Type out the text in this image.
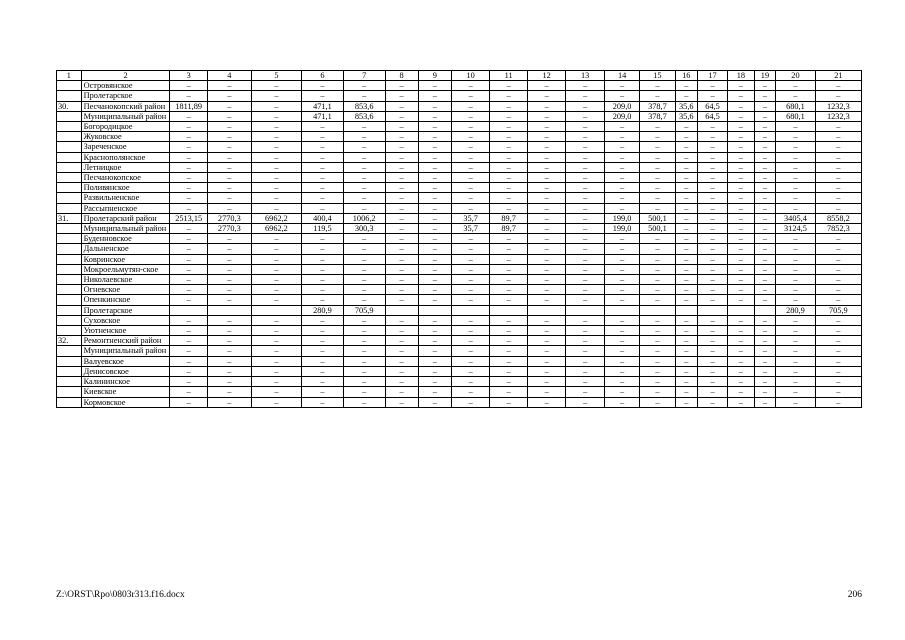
1	2	3	4	5	6	7	8	9	10	11	12	13	14	15	16	17	18	19	20	21
	Островянское	–	–	–	–	–	–	–	–	–	–	–	–	–	–	–	–	–	–	–
	Пролетарское	–	–	–	–	–	–	–	–	–	–	–	–	–	–	–	–	–	–	–
30.	Песчанокопский район	1811,89	–	–	471,1	853,6	–	–	–	–	–	–	209,0	378,7	35,6	64,5	–	–	680,1	1232,3
	Муниципальный район	–	–	–	471,1	853,6	–	–	–	–	–	–	209,0	378,7	35,6	64,5	–	–	680,1	1232,3
	Богородицкое	–	–	–	–	–	–	–	–	–	–	–	–	–	–	–	–	–	–	–
	Жуковское	–	–	–	–	–	–	–	–	–	–	–	–	–	–	–	–	–	–	–
	Зареченское	–	–	–	–	–	–	–	–	–	–	–	–	–	–	–	–	–	–	–
	Краснополянское	–	–	–	–	–	–	–	–	–	–	–	–	–	–	–	–	–	–	–
	Летницкое	–	–	–	–	–	–	–	–	–	–	–	–	–	–	–	–	–	–	–
	Песчанокопское	–	–	–	–	–	–	–	–	–	–	–	–	–	–	–	–	–	–	–
	Поливянское	–	–	–	–	–	–	–	–	–	–	–	–	–	–	–	–	–	–	–
	Развильненское	–	–	–	–	–	–	–	–	–	–	–	–	–	–	–	–	–	–	–
	Рассыпненское	–	–	–	–	–	–	–	–	–	–	–	–	–	–	–	–	–	–	–
31.	Пролетарский район	2513,15	2770,3	6962,2	400,4	1006,2	–	–	35,7	89,7	–	–	199,0	500,1	–	–	–	–	3405,4	8558,2
	Муниципальный район	–	2770,3	6962,2	119,5	300,3	–	–	35,7	89,7	–	–	199,0	500,1	–	–	–	–	3124,5	7852,3
	Буденновское	–	–	–	–	–	–	–	–	–	–	–	–	–	–	–	–	–	–	–
	Дальненское	–	–	–	–	–	–	–	–	–	–	–	–	–	–	–	–	–	–	–
	Ковринское	–	–	–	–	–	–	–	–	–	–	–	–	–	–	–	–	–	–	–
	Мокроельмутян-ское	–	–	–	–	–	–	–	–	–	–	–	–	–	–	–	–	–	–	–
	Николаевское	–	–	–	–	–	–	–	–	–	–	–	–	–	–	–	–	–	–	–
	Огневское	–	–	–	–	–	–	–	–	–	–	–	–	–	–	–	–	–	–	–
	Опенкинское	–	–	–	–	–	–	–	–	–	–	–	–	–	–	–	–	–	–	–
	Пролетарское				280,9	705,9													280,9	705,9
	Суховское	–	–	–	–	–	–	–	–	–	–	–	–	–	–	–	–	–	–	–
	Уютненское	–	–	–	–	–	–	–	–	–	–	–	–	–	–	–	–	–	–	–
32.	Ремонтненский район	–	–	–	–	–	–	–	–	–	–	–	–	–	–	–	–	–	–	–
	Муниципальный район	–	–	–	–	–	–	–	–	–	–	–	–	–	–	–	–	–	–	–
	Валуевское	–	–	–	–	–	–	–	–	–	–	–	–	–	–	–	–	–	–	–
	Денисовское	–	–	–	–	–	–	–	–	–	–	–	–	–	–	–	–	–	–	–
	Калининское	–	–	–	–	–	–	–	–	–	–	–	–	–	–	–	–	–	–	–
	Киевское	–	–	–	–	–	–	–	–	–	–	–	–	–	–	–	–	–	–	–
	Кормовское	–	–	–	–	–	–	–	–	–	–	–	–	–	–	–	–	–	–	–
Z:\ORST\Rpo\0803r313.f16.docx	206
